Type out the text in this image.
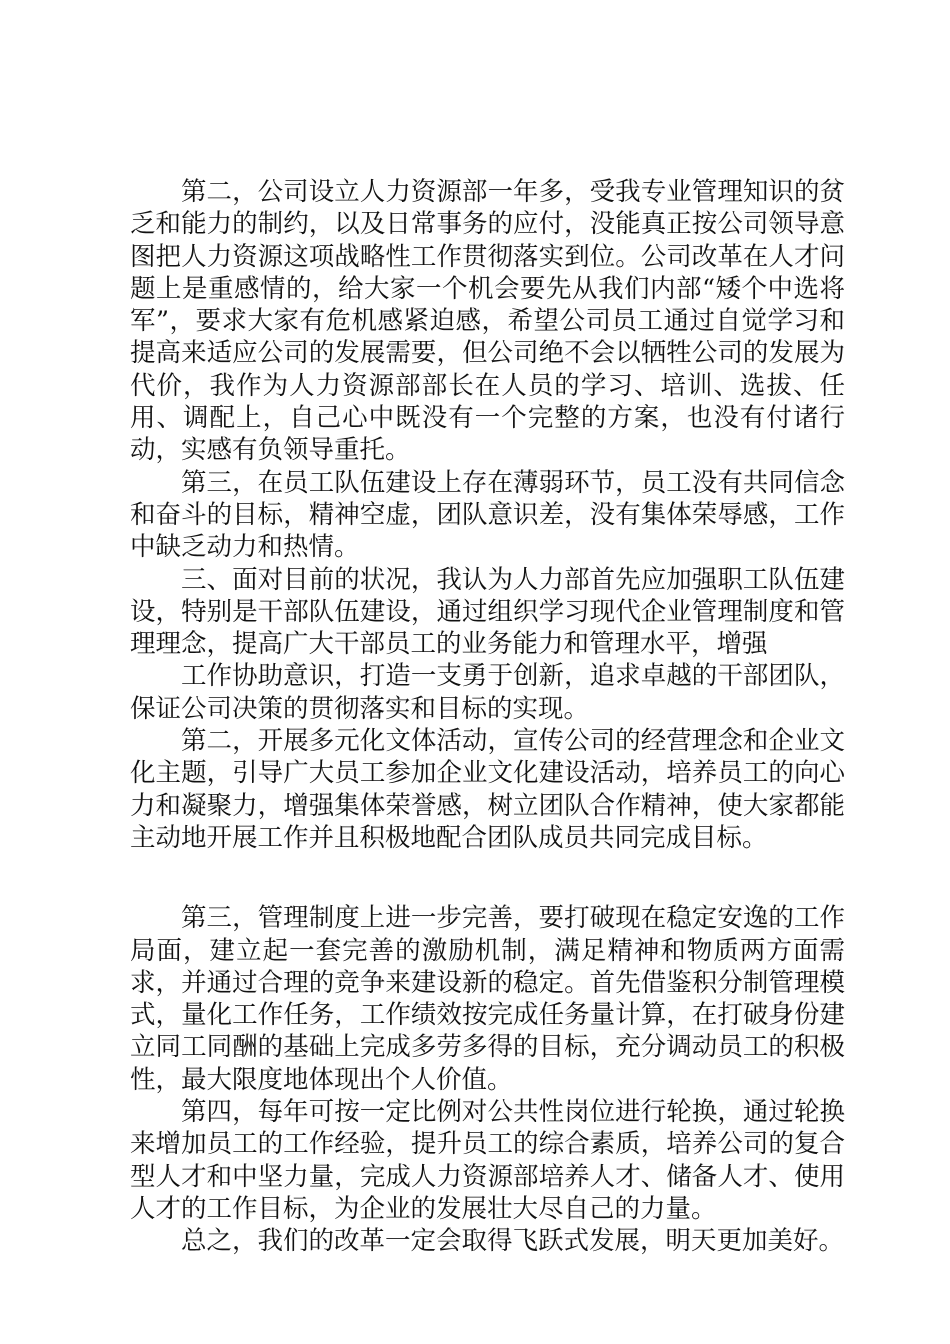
第二，公司设立人力资源部一年多，受我专业管理知识的贫乏和能力的制约，以及日常事务的应付，没能真正按公司领导意图把人力资源这项战略性工作贯彻落实到位。公司改革在人才问题上是重感情的，给大家一个机会要先从我们内部“矮个中选将军”，要求大家有危机感紧迫感，希望公司员工通过自觉学习和提高来适应公司的发展需要，但公司绝不会以牺牲公司的发展为代价，我作为人力资源部部长在人员的学习、培训、选拔、任用、调配上，自己心中既没有一个完整的方案，也没有付诸行动，实感有负领导重托。

第三，在员工队伍建设上存在薄弱环节，员工没有共同信念和奋斗的目标，精神空虚，团队意识差，没有集体荣辱感，工作中缺乏动力和热情。

三、面对目前的状况，我认为人力部首先应加强职工队伍建设，特别是干部队伍建设，通过组织学习现代企业管理制度和管理理念，提高广大干部员工的业务能力和管理水平，增强

工作协助意识，打造一支勇于创新，追求卓越的干部团队，保证公司决策的贯彻落实和目标的实现。

第二，开展多元化文体活动，宣传公司的经营理念和企业文化主题，引导广大员工参加企业文化建设活动，培养员工的向心力和凝聚力，增强集体荣誉感，树立团队合作精神，使大家都能主动地开展工作并且积极地配合团队成员共同完成目标。

第三，管理制度上进一步完善，要打破现在稳定安逸的工作局面，建立起一套完善的激励机制，满足精神和物质两方面需求，并通过合理的竞争来建设新的稳定。首先借鉴积分制管理模式，量化工作任务，工作绩效按完成任务量计算，在打破身份建立同工同酬的基础上完成多劳多得的目标，充分调动员工的积极性，最大限度地体现出个人价值。

第四，每年可按一定比例对公共性岗位进行轮换，通过轮换来增加员工的工作经验，提升员工的综合素质，培养公司的复合型人才和中坚力量，完成人力资源部培养人才、储备人才、使用人才的工作目标，为企业的发展壮大尽自己的力量。

总之，我们的改革一定会取得飞跃式发展，明天更加美好。
